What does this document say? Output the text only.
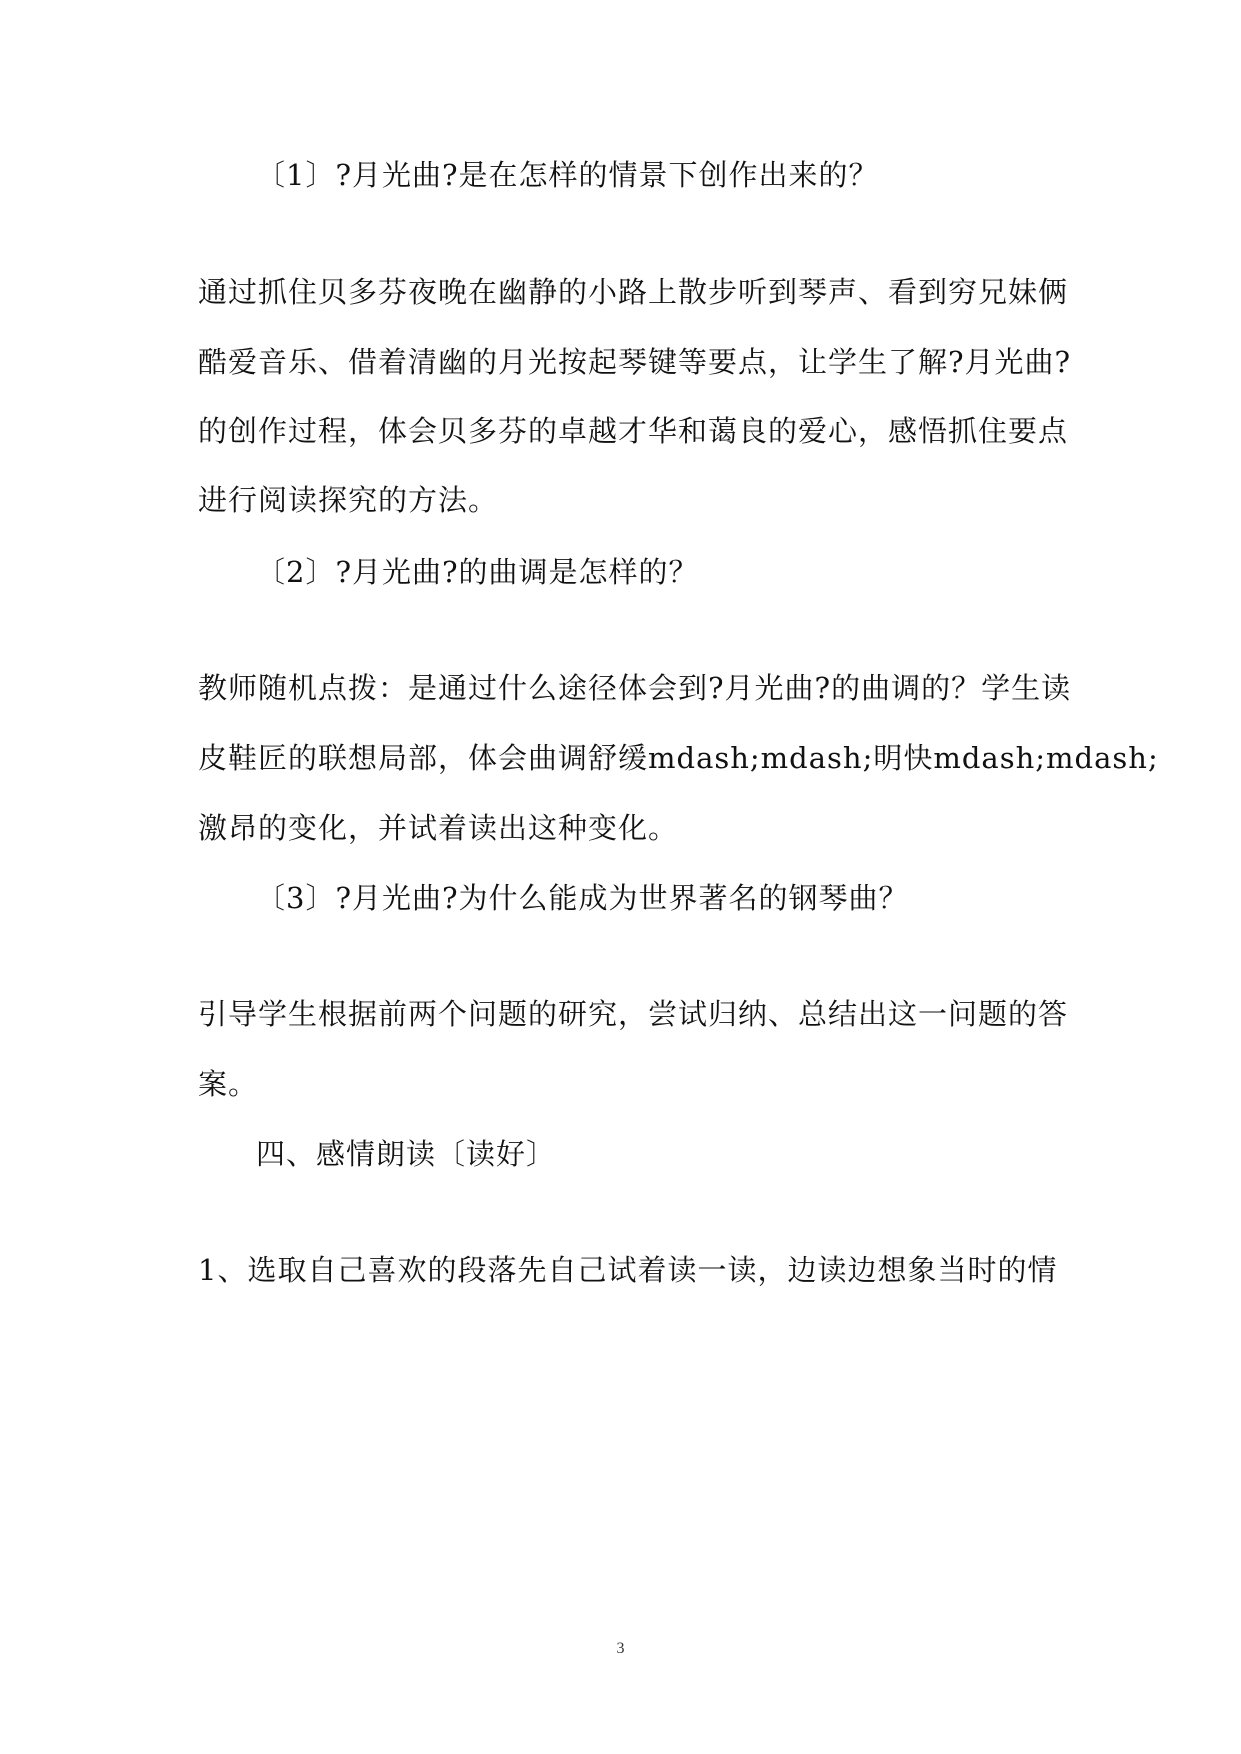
〔1〕?月光曲?是在怎样的情景下创作出来的？
通过抓住贝多芬夜晚在幽静的小路上散步听到琴声、看到穷兄妹俩
酷爱音乐、借着清幽的月光按起琴键等要点，让学生了解?月光曲?
的创作过程，体会贝多芬的卓越才华和蔼良的爱心，感悟抓住要点
进行阅读探究的方法。
〔2〕?月光曲?的曲调是怎样的？
教师随机点拨：是通过什么途径体会到?月光曲?的曲调的？学生读
皮鞋匠的联想局部，体会曲调舒缓mdash;mdash;明快mdash;mdash;
激昂的变化，并试着读出这种变化。
〔3〕?月光曲?为什么能成为世界著名的钢琴曲？
引导学生根据前两个问题的研究，尝试归纳、总结出这一问题的答
案。
四、感情朗读〔读好〕
1、选取自己喜欢的段落先自己试着读一读，边读边想象当时的情
3
